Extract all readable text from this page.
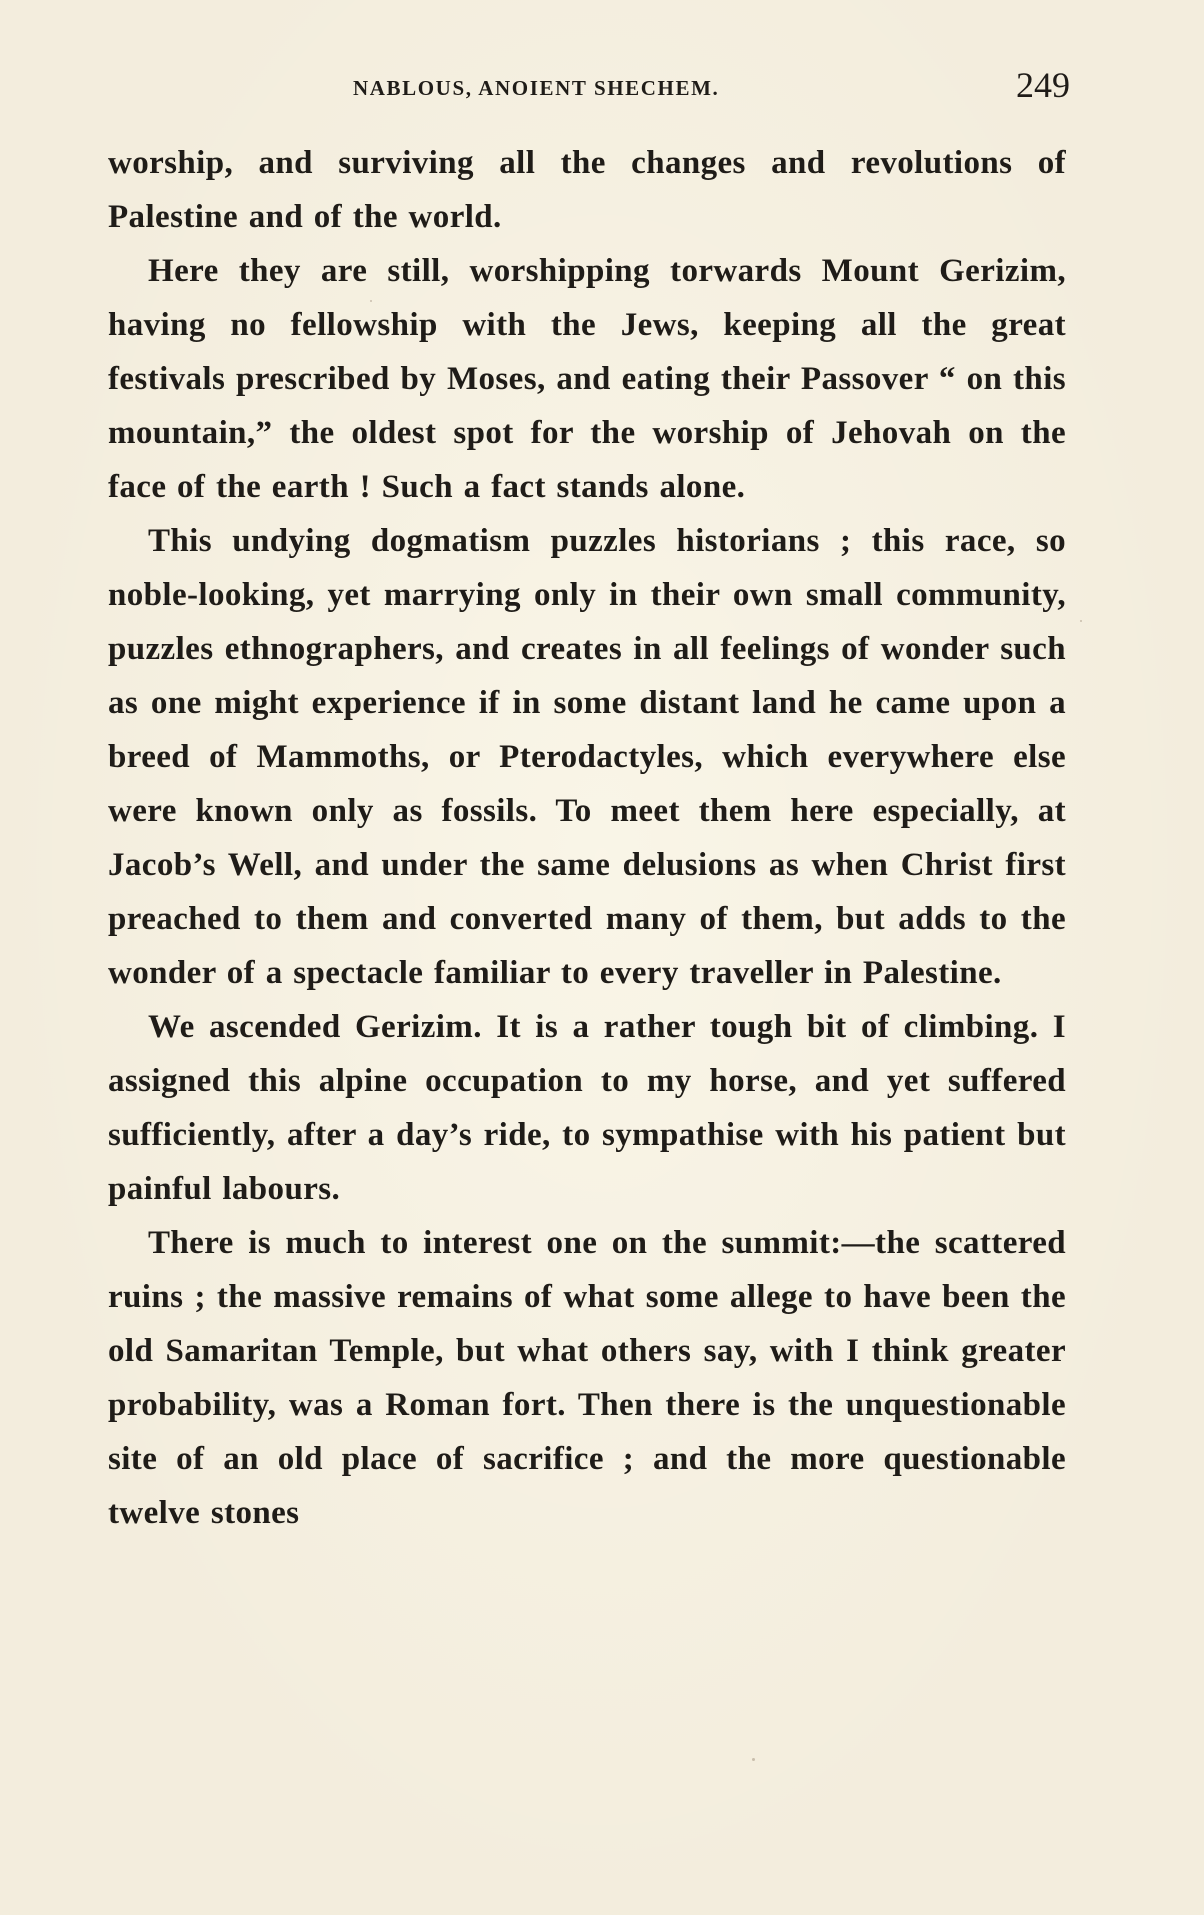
NABLOUS, ANOIENT SHECHEM.	249

worship, and surviving all the changes and revolutions of Palestine and of the world.

Here they are still, worshipping torwards Mount Gerizim, having no fellowship with the Jews, keeping all the great festivals prescribed by Moses, and eating their Passover “ on this mountain,” the oldest spot for the worship of Jehovah on the face of the earth ! Such a fact stands alone.

This undying dogmatism puzzles historians ; this race, so noble-looking, yet marrying only in their own small community, puzzles ethnographers, and creates in all feelings of wonder such as one might experience if in some distant land he came upon a breed of Mammoths, or Pterodactyles, which everywhere else were known only as fossils. To meet them here especially, at Jacob’s Well, and under the same delusions as when Christ first preached to them and converted many of them, but adds to the wonder of a spectacle familiar to every traveller in Palestine.

We ascended Gerizim. It is a rather tough bit of climbing. I assigned this alpine occupation to my horse, and yet suffered sufficiently, after a day’s ride, to sympathise with his patient but painful labours.

There is much to interest one on the summit:—the scattered ruins ; the massive remains of what some allege to have been the old Samaritan Temple, but what others say, with I think greater probability, was a Roman fort. Then there is the unquestionable site of an old place of sacrifice ; and the more questionable twelve stones
